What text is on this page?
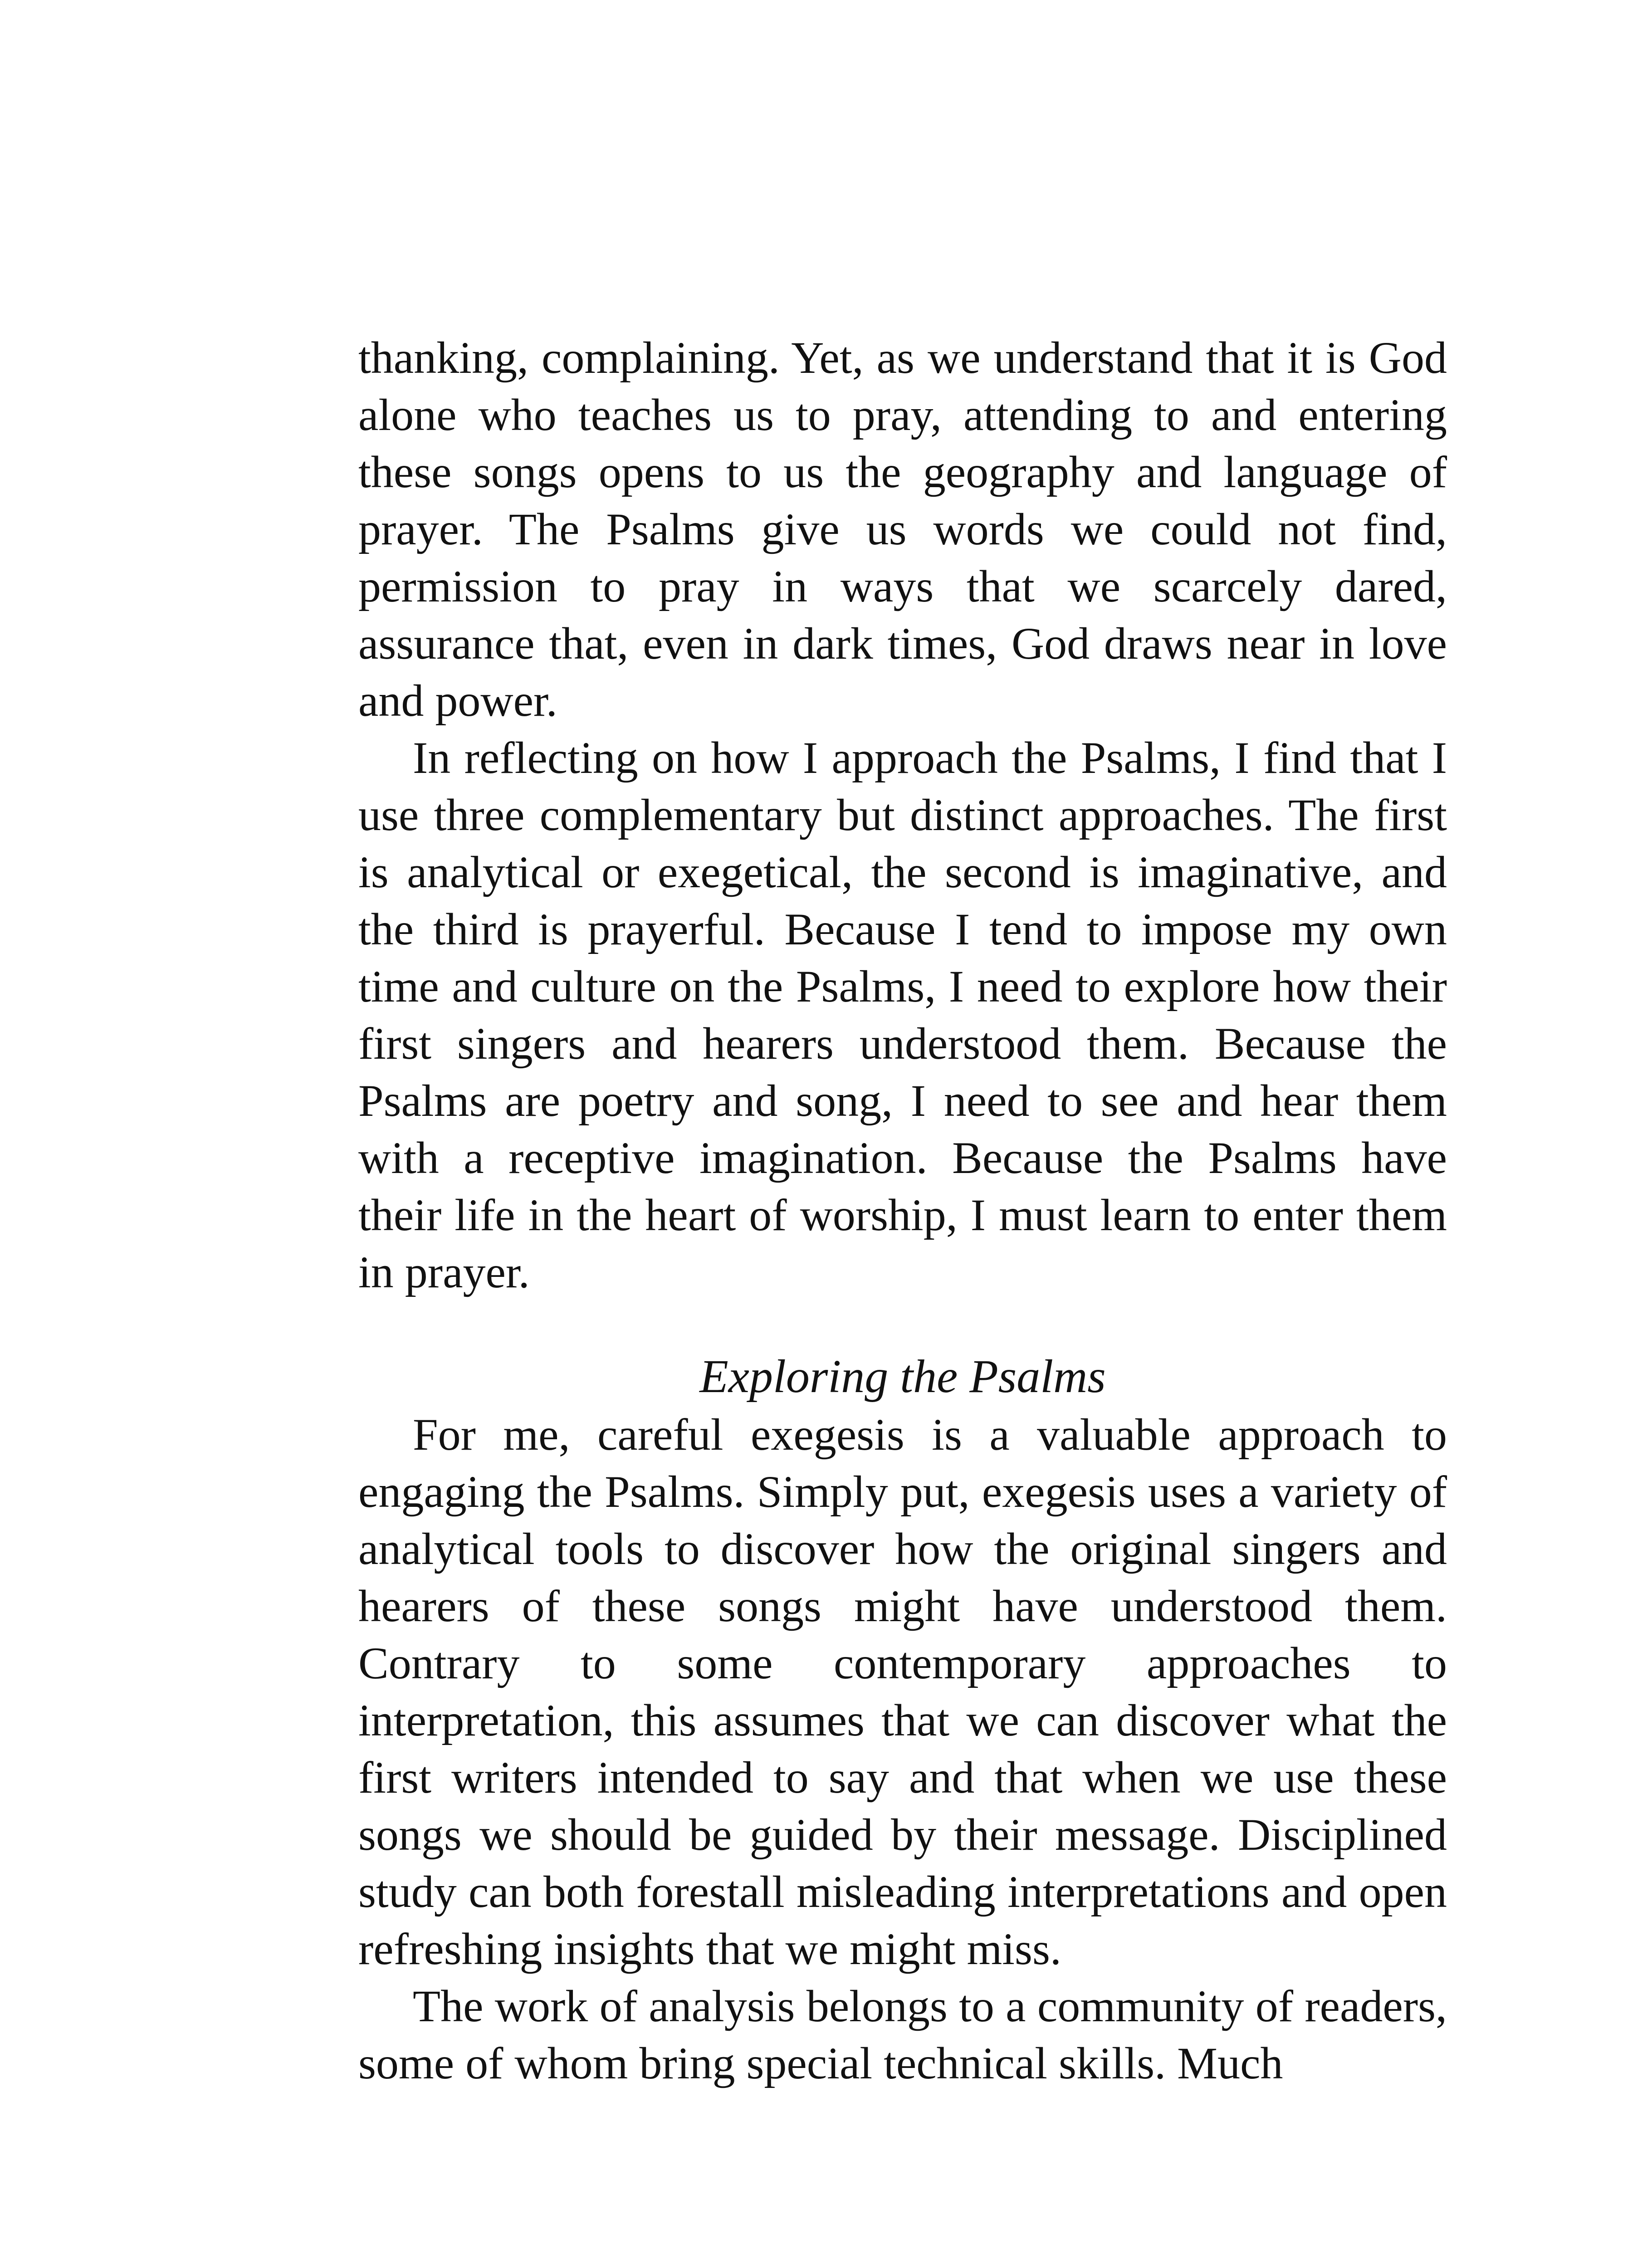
thanking, complaining. Yet, as we understand that it is God alone who teaches us to pray, attending to and entering these songs opens to us the geography and language of prayer. The Psalms give us words we could not find, permission to pray in ways that we scarcely dared, assurance that, even in dark times, God draws near in love and power.

In reflecting on how I approach the Psalms, I find that I use three complementary but distinct approaches. The first is analytical or exegetical, the second is imaginative, and the third is prayerful. Because I tend to impose my own time and culture on the Psalms, I need to explore how their first singers and hearers understood them. Because the Psalms are poetry and song, I need to see and hear them with a receptive imagination. Because the Psalms have their life in the heart of worship, I must learn to enter them in prayer.

Exploring the Psalms

For me, careful exegesis is a valuable approach to engaging the Psalms. Simply put, exegesis uses a variety of analytical tools to discover how the original singers and hearers of these songs might have understood them. Contrary to some contemporary approaches to interpretation, this assumes that we can discover what the first writers intended to say and that when we use these songs we should be guided by their message. Disciplined study can both forestall misleading interpretations and open refreshing insights that we might miss.

The work of analysis belongs to a community of readers, some of whom bring special technical skills. Much
